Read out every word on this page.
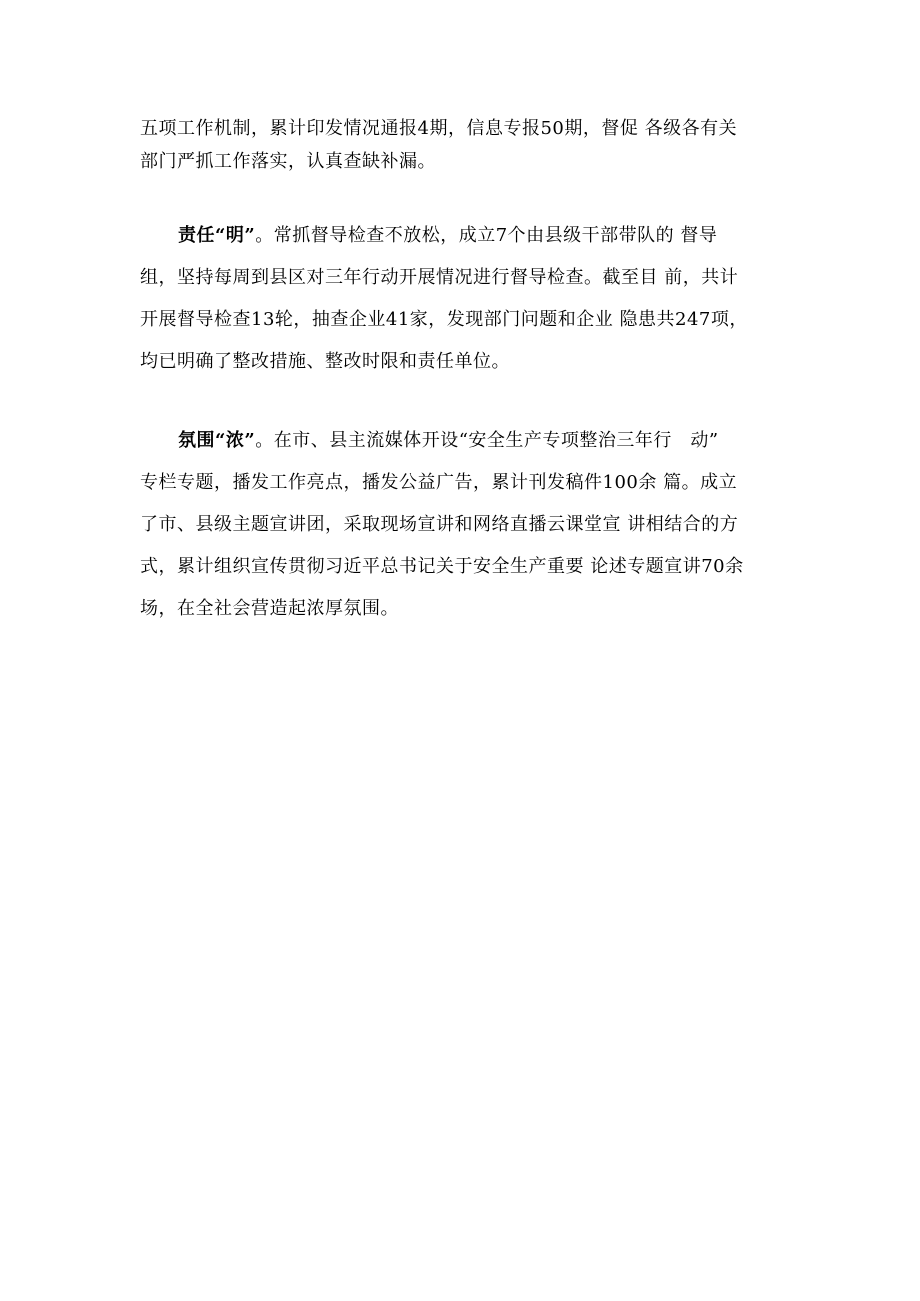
五项工作机制，累计印发情况通报4期，信息专报50期，督促 各级各有关
部门严抓工作落实，认真查缺补漏。

责任“明”。常抓督导检查不放松，成立7个由县级干部带队的 督导
组，坚持每周到县区对三年行动开展情况进行督导检查。截至目 前，共计
开展督导检查13轮，抽查企业41家，发现部门问题和企业 隐患共247项，
均已明确了整改措施、整改时限和责任单位。

氛围“浓”。在市、县主流媒体开设“安全生产专项整治三年行　动”
专栏专题，播发工作亮点，播发公益广告，累计刊发稿件100余 篇。成立
了市、县级主题宣讲团，采取现场宣讲和网络直播云课堂宣 讲相结合的方
式，累计组织宣传贯彻习近平总书记关于安全生产重要 论述专题宣讲70余
场，在全社会营造起浓厚氛围。
